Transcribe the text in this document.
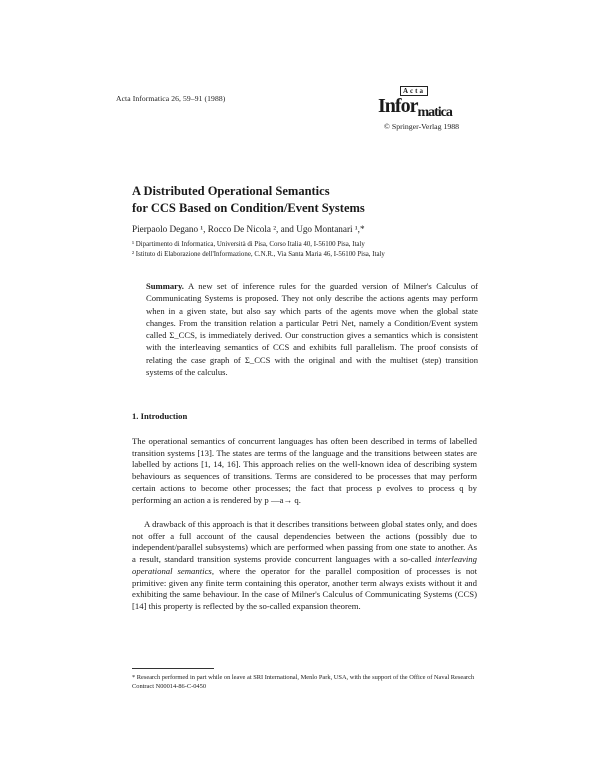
Acta Informatica 26, 59–91 (1988)
Acta
Infor$_{matica}$
© Springer-Verlag 1988
A Distributed Operational Semantics
for CCS Based on Condition/Event Systems
Pierpaolo Degano ¹, Rocco De Nicola ², and Ugo Montanari ¹,*
¹ Dipartimento di Informatica, Università di Pisa, Corso Italia 40, I-56100 Pisa, Italy
² Istituto di Elaborazione dell'Informazione, C.N.R., Via Santa Maria 46, I-56100 Pisa, Italy
Summary. A new set of inference rules for the guarded version of Milner's Calculus of Communicating Systems is proposed. They not only describe the actions agents may perform when in a given state, but also say which parts of the agents move when the global state changes. From the transition relation a particular Petri Net, namely a Condition/Event system called Σ_CCS, is immediately derived. Our construction gives a semantics which is consistent with the interleaving semantics of CCS and exhibits full parallelism. The proof consists of relating the case graph of Σ_CCS with the original and with the multiset (step) transition systems of the calculus.
1. Introduction

The operational semantics of concurrent languages has often been described in terms of labelled transition systems [13]. The states are terms of the language and the transitions between states are labelled by actions [1, 14, 16]. This approach relies on the well-known idea of describing system behaviours as sequences of transitions. Terms are considered to be processes that may perform certain actions to become other processes; the fact that process p evolves to process q by performing an action a is rendered by p —a→ q.

A drawback of this approach is that it describes transitions between global states only, and does not offer a full account of the causal dependencies between the actions (possibly due to independent/parallel subsystems) which are performed when passing from one state to another. As a result, standard transition systems provide concurrent languages with a so-called interleaving operational semantics, where the operator for the parallel composition of processes is not primitive: given any finite term containing this operator, another term always exists without it and exhibiting the same behaviour. In the case of Milner's Calculus of Communicating Systems (CCS) [14] this property is reflected by the so-called expansion theorem.

* Research performed in part while on leave at SRI International, Menlo Park, USA, with the support of the Office of Naval Research Contract N00014-86-C-0450
